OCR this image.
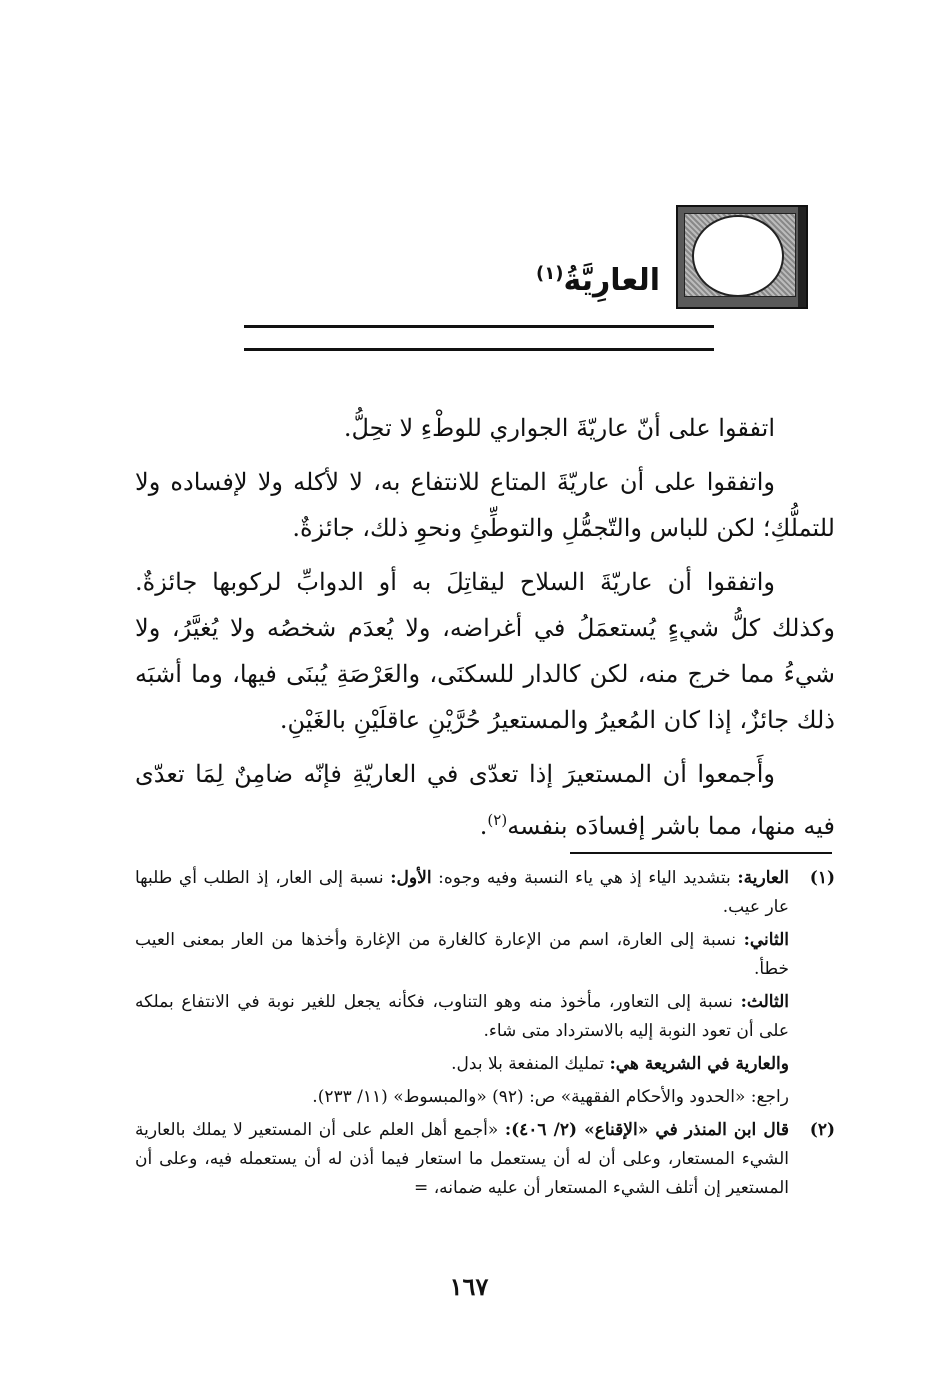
العارِيَّةُ$^{(١)}$

اتفقوا على أنّ عاريّةَ الجواري للوطْءِ لا تحِلُّ.

واتفقوا على أن عاريّةَ المتاع للانتفاع به، لا لأكله ولا لإفساده ولا للتملُّكِ؛ لكن للباس والتّجمُّلِ والتوطِّئِ ونحوِ ذلك، جائزةٌ.

واتفقوا أن عاريّةَ السلاح ليقاتِلَ به أو الدوابِّ لركوبها جائزةٌ. وكذلك كلُّ شيءٍ يُستعمَلُ في أغراضه، ولا يُعدَم شخصُه ولا يُغيَّرُ، ولا شيءُ مما خرج منه، لكن كالدار للسكنَى، والعَرْصَةِ يُبنَى فيها، وما أشبَه ذلك جائزٌ، إذا كان المُعيرُ والمستعيرُ حُرَّيْنِ عاقلَيْنِ بالغَيْنِ.

وأَجمعوا أن المستعيرَ إذا تعدّى في العاريّةِ فإنّه ضامِنٌ لِمَا تعدّى فيه منها، مما باشر إفسادَه بنفسه$^{(٢)}$.

(١)

العارية: بتشديد الياء إذ هي ياء النسبة وفيه وجوه: الأول: نسبة إلى العار، إذ الطلب أي طلبها عار عيب.

الثاني: نسبة إلى العارة، اسم من الإعارة كالغارة من الإغارة وأخذها من العار بمعنى العيب خطأ.

الثالث: نسبة إلى التعاور، مأخوذ منه وهو التناوب، فكأنه يجعل للغير نوبة في الانتفاع بملكه على أن تعود النوبة إليه بالاسترداد متى شاء.

والعارية في الشريعة هي: تمليك المنفعة بلا بدل.

راجع: «الحدود والأحكام الفقهية» ص: (٩٢) «والمبسوط» (١١/ ٢٣٣).

(٢)

قال ابن المنذر في «الإقناع» (٢/ ٤٠٦): «أجمع أهل العلم على أن المستعير لا يملك بالعارية الشيء المستعار، وعلى أن له أن يستعمل ما استعار فيما أذن له أن يستعمله فيه، وعلى أن المستعير إن أتلف الشيء المستعار أن عليه ضمانه، =

١٦٧
